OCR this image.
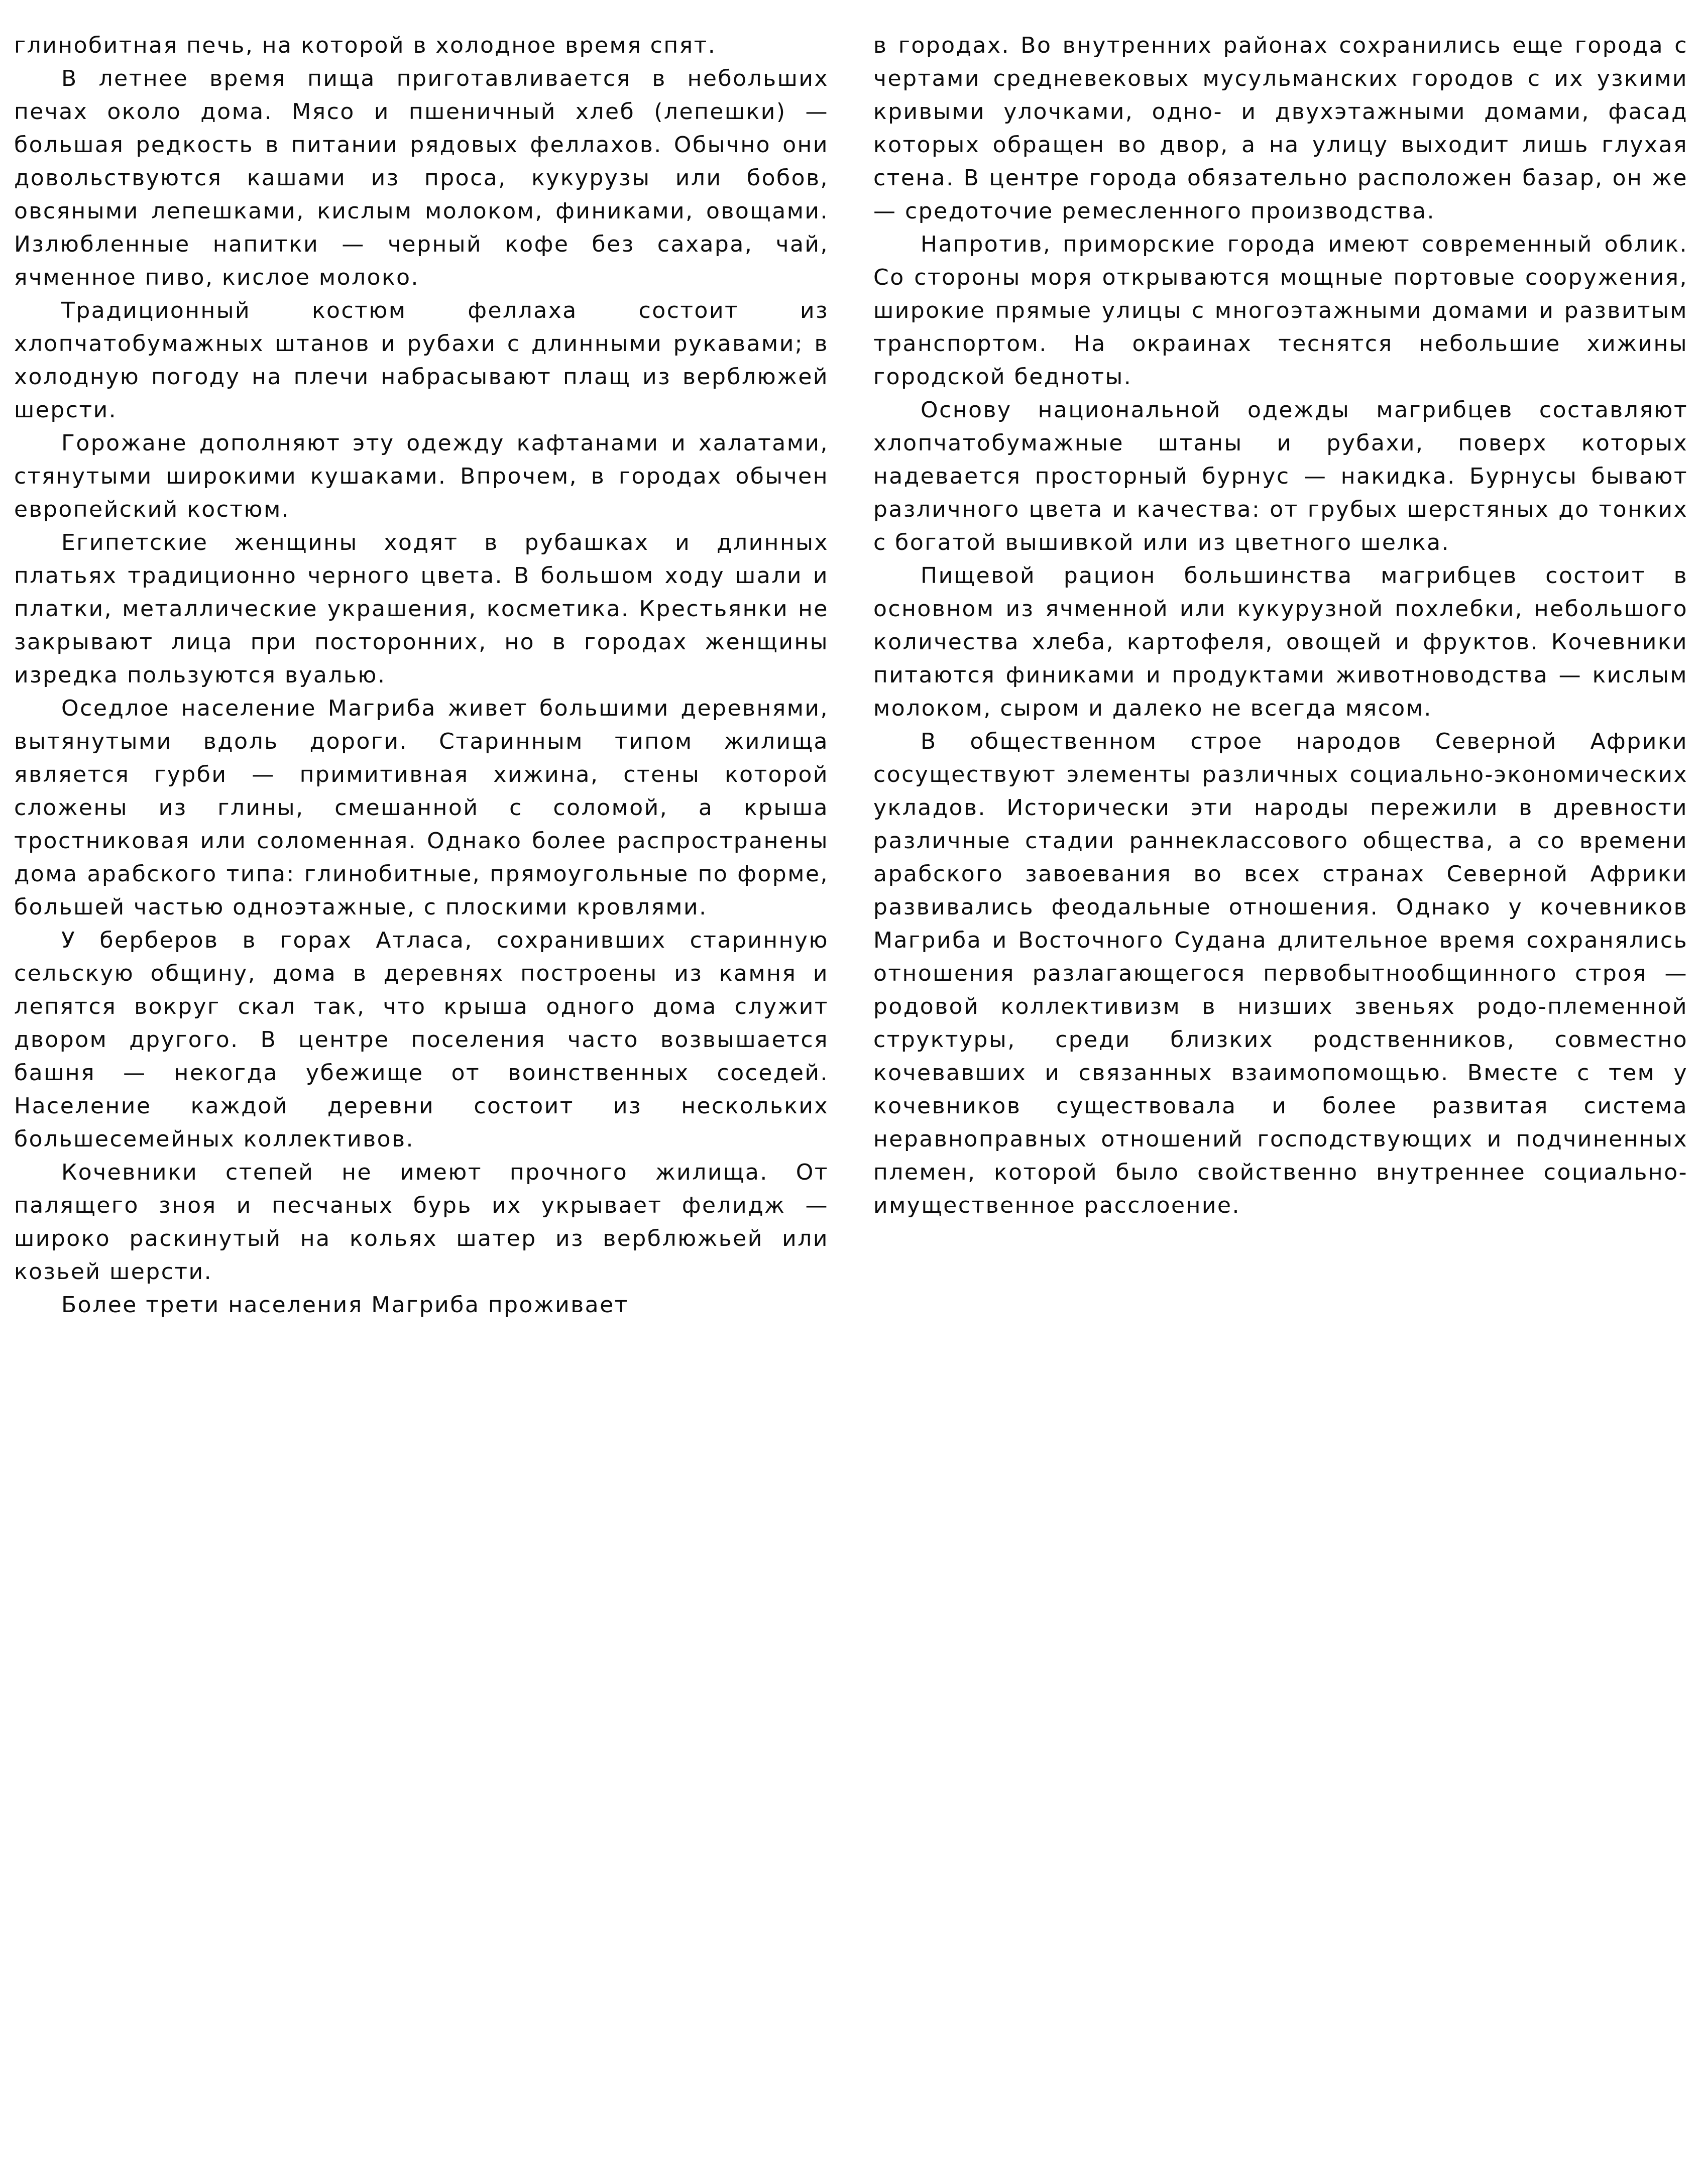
глинобитная печь, на которой в холодное время спят.

В летнее время пища приготавливается в небольших печах около дома. Мясо и пшеничный хлеб (лепешки) — большая редкость в питании рядовых феллахов. Обычно они довольствуются кашами из проса, кукурузы или бобов, овсяными лепешками, кислым молоком, финиками, овощами. Излюбленные напитки — черный кофе без сахара, чай, ячменное пиво, кислое молоко.

Традиционный костюм феллаха состоит из хлопчатобумажных штанов и рубахи с длинными рукавами; в холодную погоду на плечи набрасывают плащ из верблюжей шерсти.

Горожане дополняют эту одежду кафтанами и халатами, стянутыми широкими кушаками. Впрочем, в городах обычен европейский костюм.

Египетские женщины ходят в рубашках и длинных платьях традиционно черного цвета. В большом ходу шали и платки, металлические украшения, косметика. Крестьянки не закрывают лица при посторонних, но в городах женщины изредка пользуются вуалью.

Оседлое население Магриба живет большими деревнями, вытянутыми вдоль дороги. Старинным типом жилища является гурби — примитивная хижина, стены которой сложены из глины, смешанной с соломой, а крыша тростниковая или соломенная. Однако более распространены дома арабского типа: глинобитные, прямоугольные по форме, большей частью одноэтажные, с плоскими кровлями.

У берберов в горах Атласа, сохранивших старинную сельскую общину, дома в деревнях построены из камня и лепятся вокруг скал так, что крыша одного дома служит двором другого. В центре поселения часто возвышается башня — некогда убежище от воинственных соседей. Население каждой деревни состоит из нескольких большесемейных коллективов.

Кочевники степей не имеют прочного жилища. От палящего зноя и песчаных бурь их укрывает фелидж — широко раскинутый на кольях шатер из верблюжьей или козьей шерсти.

Более трети населения Магриба проживает

в городах. Во внутренних районах сохранились еще города с чертами средневековых мусульманских городов с их узкими кривыми улочками, одно- и двухэтажными домами, фасад которых обращен во двор, а на улицу выходит лишь глухая стена. В центре города обязательно расположен базар, он же — средоточие ремесленного производства.

Напротив, приморские города имеют современный облик. Со стороны моря открываются мощные портовые сооружения, широкие прямые улицы с многоэтажными домами и развитым транспортом. На окраинах теснятся небольшие хижины городской бедноты.

Основу национальной одежды магрибцев составляют хлопчатобумажные штаны и рубахи, поверх которых надевается просторный бурнус — накидка. Бурнусы бывают различного цвета и качества: от грубых шерстяных до тонких с богатой вышивкой или из цветного шелка.

Пищевой рацион большинства магрибцев состоит в основном из ячменной или кукурузной похлебки, небольшого количества хлеба, картофеля, овощей и фруктов. Кочевники питаются финиками и продуктами животноводства — кислым молоком, сыром и далеко не всегда мясом.

В общественном строе народов Северной Африки сосуществуют элементы различных социально-экономических укладов. Исторически эти народы пережили в древности различные стадии раннеклассового общества, а со времени арабского завоевания во всех странах Северной Африки развивались феодальные отношения. Однако у кочевников Магриба и Восточного Судана длительное время сохранялись отношения разлагающегося первобытнообщинного строя — родовой коллективизм в низших звеньях родо-племенной структуры, среди близких родственников, совместно кочевавших и связанных взаимопомощью. Вместе с тем у кочевников существовала и более развитая система неравноправных отношений господствующих и подчиненных племен, которой было свойственно внутреннее социально-имущественное расслоение.
